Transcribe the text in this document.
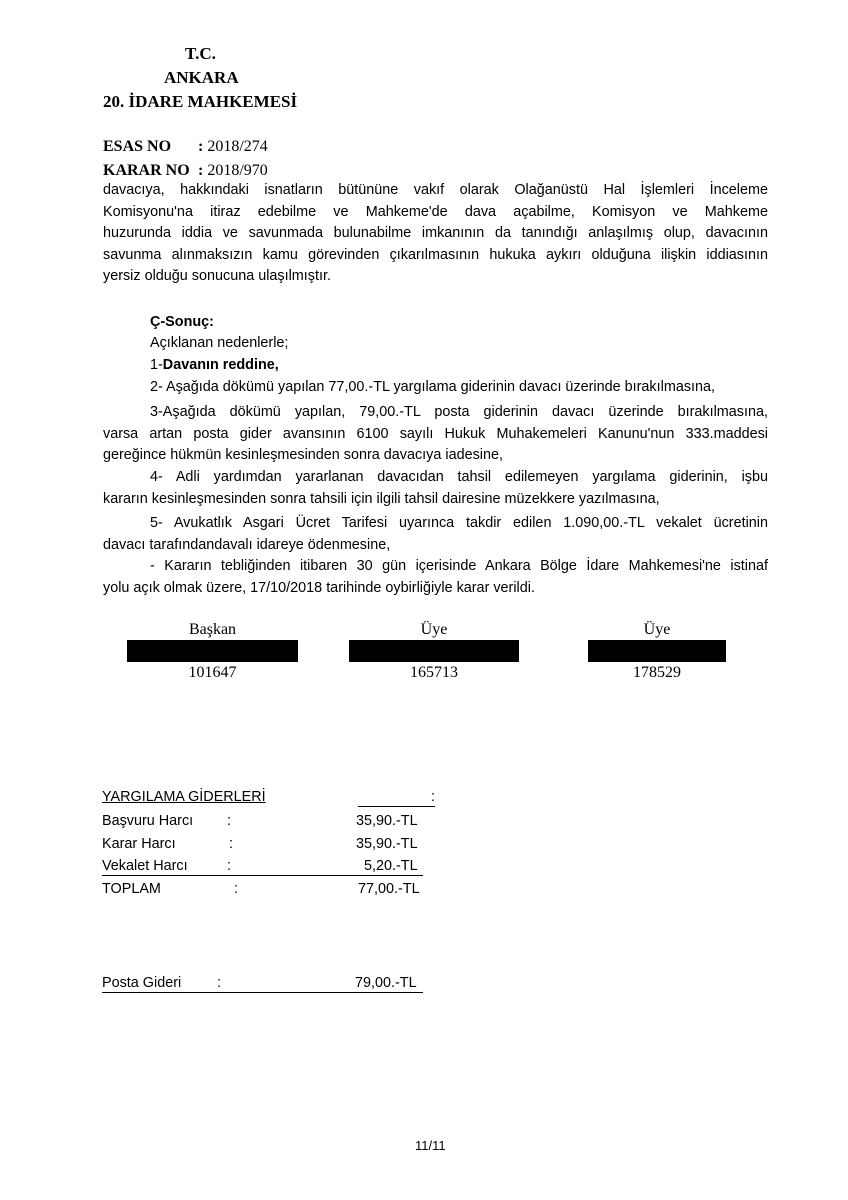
T.C.
ANKARA
20. İDARE MAHKEMESİ
ESAS NO : 2018/274
KARAR NO : 2018/970
davacıya, hakkındaki isnatların bütününe vakıf olarak Olağanüstü Hal İşlemleri İnceleme
Komisyonu'na itiraz edebilme ve Mahkeme'de dava açabilme, Komisyon ve Mahkeme
huzurunda iddia ve savunmada bulunabilme imkanının da tanındığı anlaşılmış olup, davacının
savunma alınmaksızın kamu görevinden çıkarılmasının hukuka aykırı olduğuna ilişkin iddiasının
yersiz olduğu sonucuna ulaşılmıştır.
Ç-Sonuç:
Açıklanan nedenlerle;
1-Davanın reddine,
2- Aşağıda dökümü yapılan 77,00.-TL yargılama giderinin davacı üzerinde bırakılmasına,
3-Aşağıda dökümü yapılan, 79,00.-TL posta giderinin davacı üzerinde bırakılmasına,
varsa artan posta gider avansının 6100 sayılı Hukuk Muhakemeleri Kanunu'nun 333.maddesi
gereğince hükmün kesinleşmesinden sonra davacıya iadesine,
4- Adli yardımdan yararlanan davacıdan tahsil edilemeyen yargılama giderinin, işbu
kararın kesinleşmesinden sonra tahsili için ilgili tahsil dairesine müzekkere yazılmasına,
5- Avukatlık Asgari Ücret Tarifesi uyarınca takdir edilen 1.090,00.-TL vekalet ücretinin
davacı tarafındandavalı idareye ödenmesine,
- Kararın tebliğinden itibaren 30 gün içerisinde Ankara Bölge İdare Mahkemesi'ne istinaf
yolu açık olmak üzere, 17/10/2018 tarihinde oybirliğiyle karar verildi.
Başkan
101647
Üye
165713
Üye
178529
YARGILAMA GİDERLERİ	:
Başvuru Harcı :	35,90.-TL
Karar Harcı	:	35,90.-TL
Vekalet Harcı	:	5,20.-TL
TOPLAM	:	77,00.-TL
Posta Gideri :	79,00.-TL
11/11
